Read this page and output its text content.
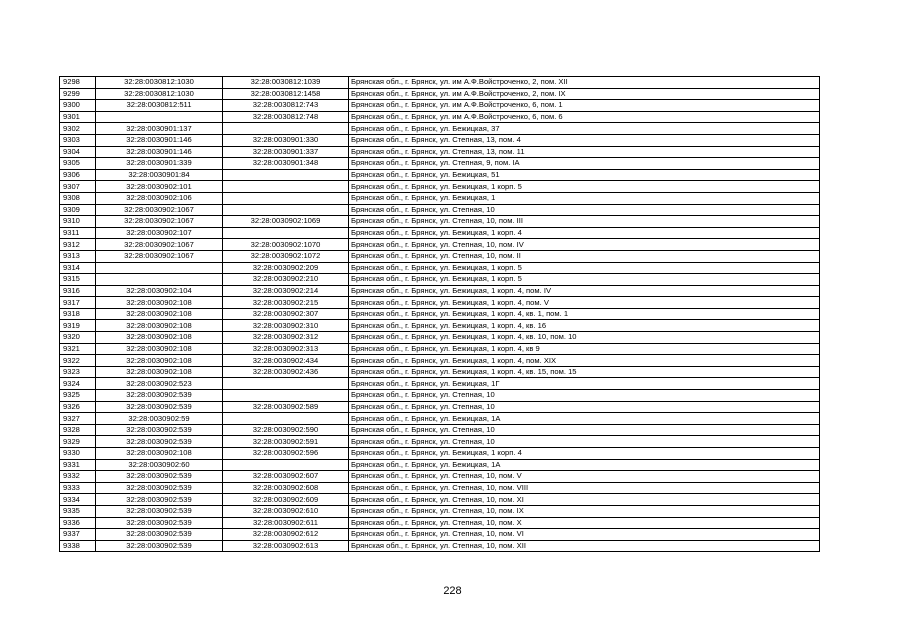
9298	32:28:0030812:1030	32:28:0030812:1039	Брянская обл., г. Брянск, ул. им А.Ф.Войстроченко, 2, пом. XII
9299	32:28:0030812:1030	32:28:0030812:1458	Брянская обл., г. Брянск, ул. им А.Ф.Войстроченко, 2, пом. IX
9300	32:28:0030812:511	32:28:0030812:743	Брянская обл., г. Брянск, ул. им А.Ф.Войстроченко, 6, пом. 1
9301		32:28:0030812:748	Брянская обл., г. Брянск, ул. им А.Ф.Войстроченко, 6, пом. 6
9302	32:28:0030901:137		Брянская обл., г. Брянск, ул. Бежицкая, 37
9303	32:28:0030901:146	32:28:0030901:330	Брянская обл., г. Брянск, ул. Степная, 13, пом. 4
9304	32:28:0030901:146	32:28:0030901:337	Брянская обл., г. Брянск, ул. Степная, 13, пом. 11
9305	32:28:0030901:339	32:28:0030901:348	Брянская обл., г. Брянск, ул. Степная, 9, пом. IA
9306	32:28:0030901:84		Брянская обл., г. Брянск, ул. Бежицкая, 51
9307	32:28:0030902:101		Брянская обл., г. Брянск, ул. Бежицкая, 1 корп. 5
9308	32:28:0030902:106		Брянская обл., г. Брянск, ул. Бежицкая, 1
9309	32:28:0030902:1067		Брянская обл., г. Брянск, ул. Степная, 10
9310	32:28:0030902:1067	32:28:0030902:1069	Брянская обл., г. Брянск, ул. Степная, 10, пом. III
9311	32:28:0030902:107		Брянская обл., г. Брянск, ул. Бежицкая, 1 корп. 4
9312	32:28:0030902:1067	32:28:0030902:1070	Брянская обл., г. Брянск, ул. Степная, 10, пом. IV
9313	32:28:0030902:1067	32:28:0030902:1072	Брянская обл., г. Брянск, ул. Степная, 10, пом. II
9314		32:28:0030902:209	Брянская обл., г. Брянск, ул. Бежицкая, 1 корп. 5
9315		32:28:0030902:210	Брянская обл., г. Брянск, ул. Бежицкая, 1 корп. 5
9316	32:28:0030902:104	32:28:0030902:214	Брянская обл., г. Брянск, ул. Бежицкая, 1 корп. 4, пом. IV
9317	32:28:0030902:108	32:28:0030902:215	Брянская обл., г. Брянск, ул. Бежицкая, 1 корп. 4, пом. V
9318	32:28:0030902:108	32:28:0030902:307	Брянская обл., г. Брянск, ул. Бежицкая, 1 корп. 4, кв. 1, пом. 1
9319	32:28:0030902:108	32:28:0030902:310	Брянская обл., г. Брянск, ул. Бежицкая, 1 корп. 4, кв. 16
9320	32:28:0030902:108	32:28:0030902:312	Брянская обл., г. Брянск, ул. Бежицкая, 1 корп. 4, кв. 10, пом. 10
9321	32:28:0030902:108	32:28:0030902:313	Брянская обл., г. Брянск, ул. Бежицкая, 1 корп. 4, кв 9
9322	32:28:0030902:108	32:28:0030902:434	Брянская обл., г. Брянск, ул. Бежицкая, 1 корп. 4, пом. XIX
9323	32:28:0030902:108	32:28:0030902:436	Брянская обл., г. Брянск, ул. Бежицкая, 1 корп. 4, кв. 15, пом. 15
9324	32:28:0030902:523		Брянская обл., г. Брянск, ул. Бежицкая, 1Г
9325	32:28:0030902:539		Брянская обл., г. Брянск, ул. Степная, 10
9326	32:28:0030902:539	32:28:0030902:589	Брянская обл., г. Брянск, ул. Степная, 10
9327	32:28:0030902:59		Брянская обл., г. Брянск, ул. Бежицкая, 1А
9328	32:28:0030902:539	32:28:0030902:590	Брянская обл., г. Брянск, ул. Степная, 10
9329	32:28:0030902:539	32:28:0030902:591	Брянская обл., г. Брянск, ул. Степная, 10
9330	32:28:0030902:108	32:28:0030902:596	Брянская обл., г. Брянск, ул. Бежицкая, 1 корп. 4
9331	32:28:0030902:60		Брянская обл., г. Брянск, ул. Бежицкая, 1А
9332	32:28:0030902:539	32:28:0030902:607	Брянская обл., г. Брянск, ул. Степная, 10, пом. V
9333	32:28:0030902:539	32:28:0030902:608	Брянская обл., г. Брянск, ул. Степная, 10, пом. VIII
9334	32:28:0030902:539	32:28:0030902:609	Брянская обл., г. Брянск, ул. Степная, 10, пом. XI
9335	32:28:0030902:539	32:28:0030902:610	Брянская обл., г. Брянск, ул. Степная, 10, пом. IX
9336	32:28:0030902:539	32:28:0030902:611	Брянская обл., г. Брянск, ул. Степная, 10, пом. X
9337	32:28:0030902:539	32:28:0030902:612	Брянская обл., г. Брянск, ул. Степная, 10, пом. VI
9338	32:28:0030902:539	32:28:0030902:613	Брянская обл., г. Брянск, ул. Степная, 10, пом. XII
228
